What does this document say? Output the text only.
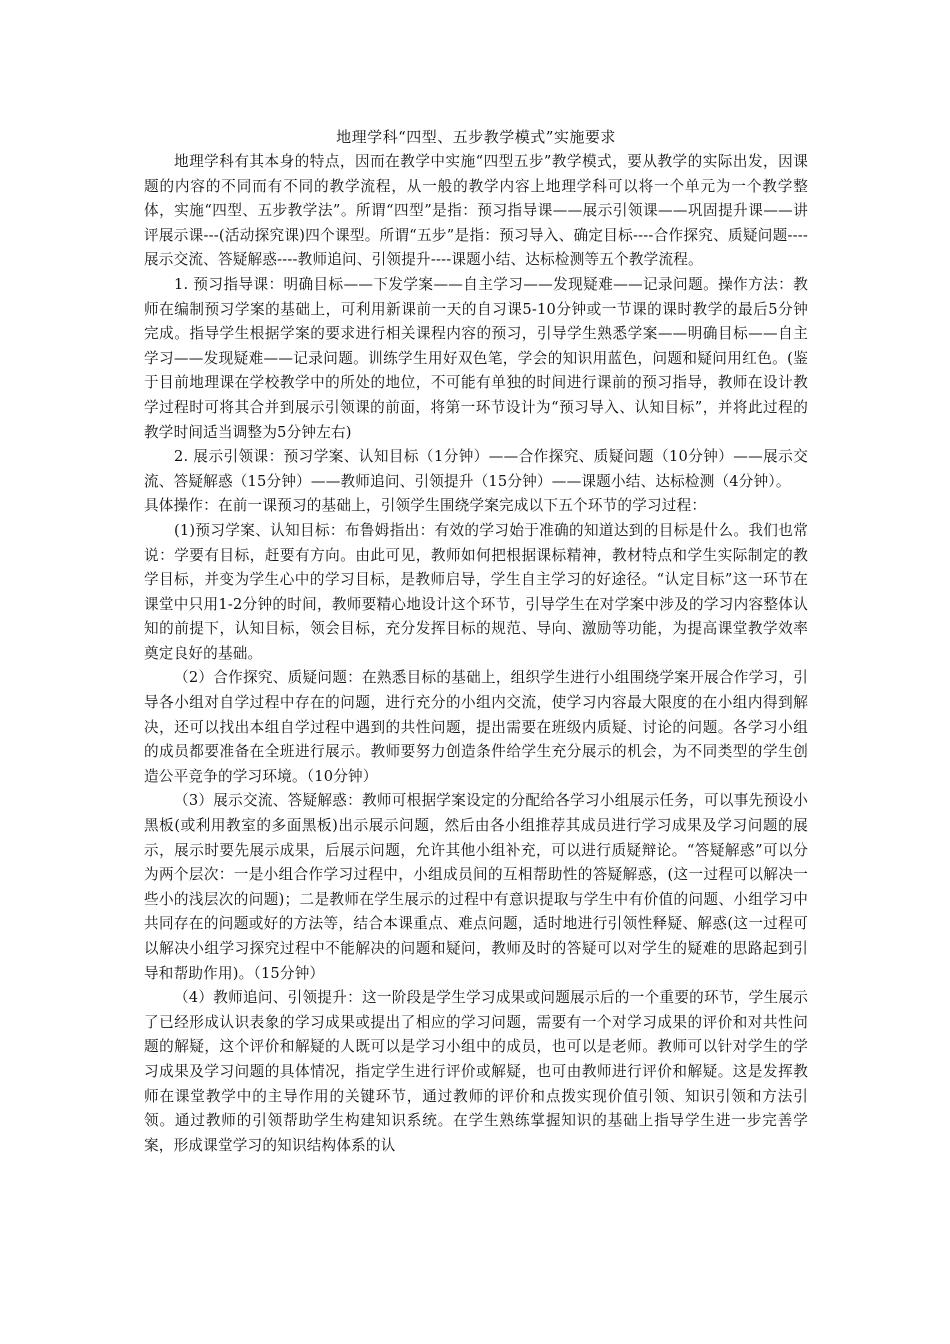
地理学科“四型、五步教学模式”实施要求

地理学科有其本身的特点，因而在教学中实施“四型五步”教学模式，要从教学的实际出发，因课题的内容的不同而有不同的教学流程，从一般的教学内容上地理学科可以将一个单元为一个教学整体，实施“四型、五步教学法”。所谓“四型”是指：预习指导课——展示引领课——巩固提升课——讲评展示课---(活动探究课)四个课型。所谓“五步”是指：预习导入、确定目标----合作探究、质疑问题----展示交流、答疑解惑----教师追问、引领提升----课题小结、达标检测等五个教学流程。

1. 预习指导课：明确目标——下发学案——自主学习——发现疑难——记录问题。操作方法：教师在编制预习学案的基础上，可利用新课前一天的自习课5-10分钟或一节课的课时教学的最后5分钟完成。指导学生根据学案的要求进行相关课程内容的预习，引导学生熟悉学案——明确目标——自主学习——发现疑难——记录问题。训练学生用好双色笔，学会的知识用蓝色，问题和疑问用红色。(鉴于目前地理课在学校教学中的所处的地位，不可能有单独的时间进行课前的预习指导，教师在设计教学过程时可将其合并到展示引领课的前面，将第一环节设计为“预习导入、认知目标”，并将此过程的教学时间适当调整为5分钟左右)

2. 展示引领课：预习学案、认知目标（1分钟）——合作探究、质疑问题（10分钟）——展示交流、答疑解惑（15分钟）——教师追问、引领提升（15分钟）——课题小结、达标检测（4分钟）。

具体操作：在前一课预习的基础上，引领学生围绕学案完成以下五个环节的学习过程：

(1)预习学案、认知目标：布鲁姆指出：有效的学习始于准确的知道达到的目标是什么。我们也常说：学要有目标，赶要有方向。由此可见，教师如何把根据课标精神，教材特点和学生实际制定的教学目标，并变为学生心中的学习目标，是教师启导，学生自主学习的好途径。“认定目标”这一环节在课堂中只用1-2分钟的时间，教师要精心地设计这个环节，引导学生在对学案中涉及的学习内容整体认知的前提下，认知目标，领会目标，充分发挥目标的规范、导向、激励等功能，为提高课堂教学效率奠定良好的基础。

（2）合作探究、质疑问题：在熟悉目标的基础上，组织学生进行小组围绕学案开展合作学习，引导各小组对自学过程中存在的问题，进行充分的小组内交流，使学习内容最大限度的在小组内得到解决，还可以找出本组自学过程中遇到的共性问题，提出需要在班级内质疑、讨论的问题。各学习小组的成员都要准备在全班进行展示。教师要努力创造条件给学生充分展示的机会，为不同类型的学生创造公平竞争的学习环境。（10分钟）

（3）展示交流、答疑解惑：教师可根据学案设定的分配给各学习小组展示任务，可以事先预设小黑板(或利用教室的多面黑板)出示展示问题，然后由各小组推荐其成员进行学习成果及学习问题的展示，展示时要先展示成果，后展示问题，允许其他小组补充，可以进行质疑辩论。“答疑解惑”可以分为两个层次：一是小组合作学习过程中，小组成员间的互相帮助性的答疑解惑，(这一过程可以解决一些小的浅层次的问题)；二是教师在学生展示的过程中有意识提取与学生中有价值的问题、小组学习中共同存在的问题或好的方法等，结合本课重点、难点问题，适时地进行引领性释疑、解惑(这一过程可以解决小组学习探究过程中不能解决的问题和疑问，教师及时的答疑可以对学生的疑难的思路起到引导和帮助作用)。（15分钟）

（4）教师追问、引领提升：这一阶段是学生学习成果或问题展示后的一个重要的环节，学生展示了已经形成认识表象的学习成果或提出了相应的学习问题，需要有一个对学习成果的评价和对共性问题的解疑，这个评价和解疑的人既可以是学习小组中的成员，也可以是老师。教师可以针对学生的学习成果及学习问题的具体情况，指定学生进行评价或解疑，也可由教师进行评价和解疑。这是发挥教师在课堂教学中的主导作用的关键环节，通过教师的评价和点拨实现价值引领、知识引领和方法引领。通过教师的引领帮助学生构建知识系统。在学生熟练掌握知识的基础上指导学生进一步完善学案，形成课堂学习的知识结构体系的认
